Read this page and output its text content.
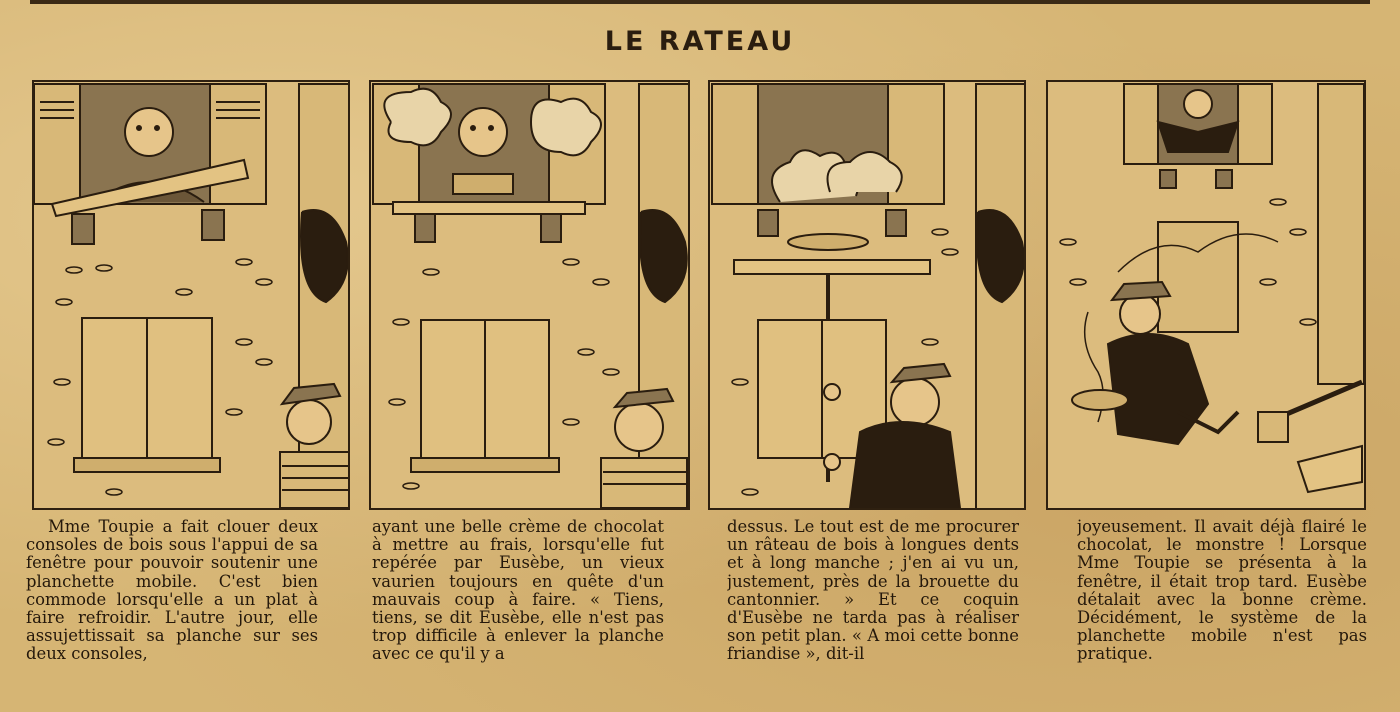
LE RATEAU

Mme Toupie a fait clouer deux consoles de bois sous l'appui de sa fenêtre pour pouvoir soutenir une planchette mobile. C'est bien commode lorsqu'elle a un plat à faire refroidir. L'autre jour, elle assujettissait sa planche sur ses deux consoles,

ayant une belle crème de chocolat à mettre au frais, lorsqu'elle fut repérée par Eusèbe, un vieux vaurien toujours en quête d'un mauvais coup à faire. « Tiens, tiens, se dit Eusèbe, elle n'est pas trop difficile à enlever la planche avec ce qu'il y a

dessus. Le tout est de me procurer un râteau de bois à longues dents et à long manche ; j'en ai vu un, justement, près de la brouette du cantonnier. » Et ce coquin d'Eusèbe ne tarda pas à réaliser son petit plan. « A moi cette bonne friandise », dit-il

joyeusement. Il avait déjà flairé le chocolat, le monstre ! Lorsque Mme Toupie se présenta à la fenêtre, il était trop tard. Eusèbe détalait avec la bonne crème. Décidément, le système de la planchette mobile n'est pas pratique.
